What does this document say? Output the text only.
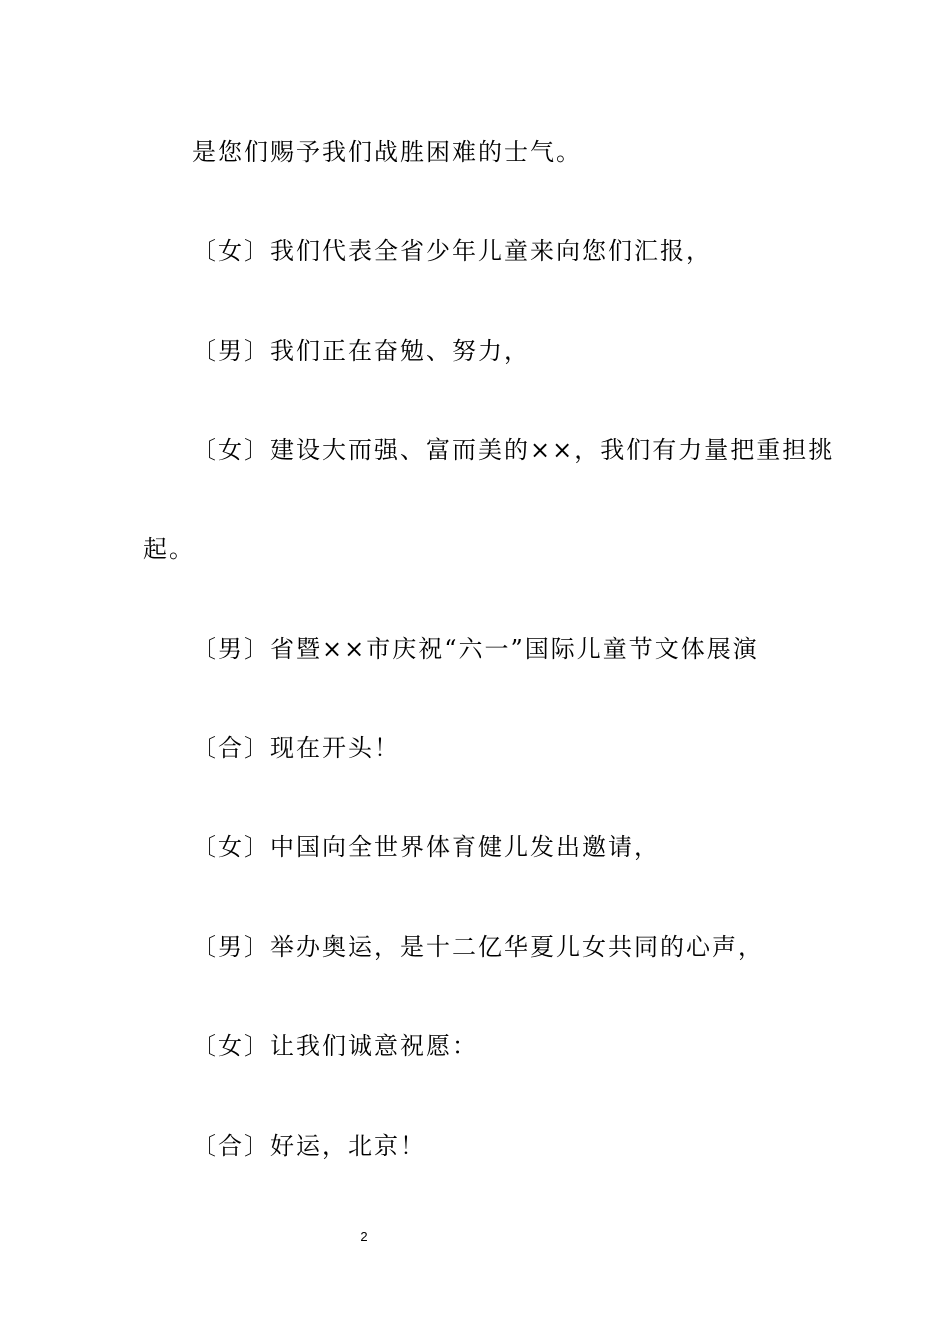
是您们赐予我们战胜困难的士气。
〔女〕我们代表全省少年儿童来向您们汇报，
〔男〕我们正在奋勉、努力，
〔女〕建设大而强、富而美的××，我们有力量把重担挑
起。
〔男〕省暨××市庆祝“六一”国际儿童节文体展演
〔合〕现在开头！
〔女〕中国向全世界体育健儿发出邀请，
〔男〕举办奥运，是十二亿华夏儿女共同的心声，
〔女〕让我们诚意祝愿：
〔合〕好运，北京！
2
